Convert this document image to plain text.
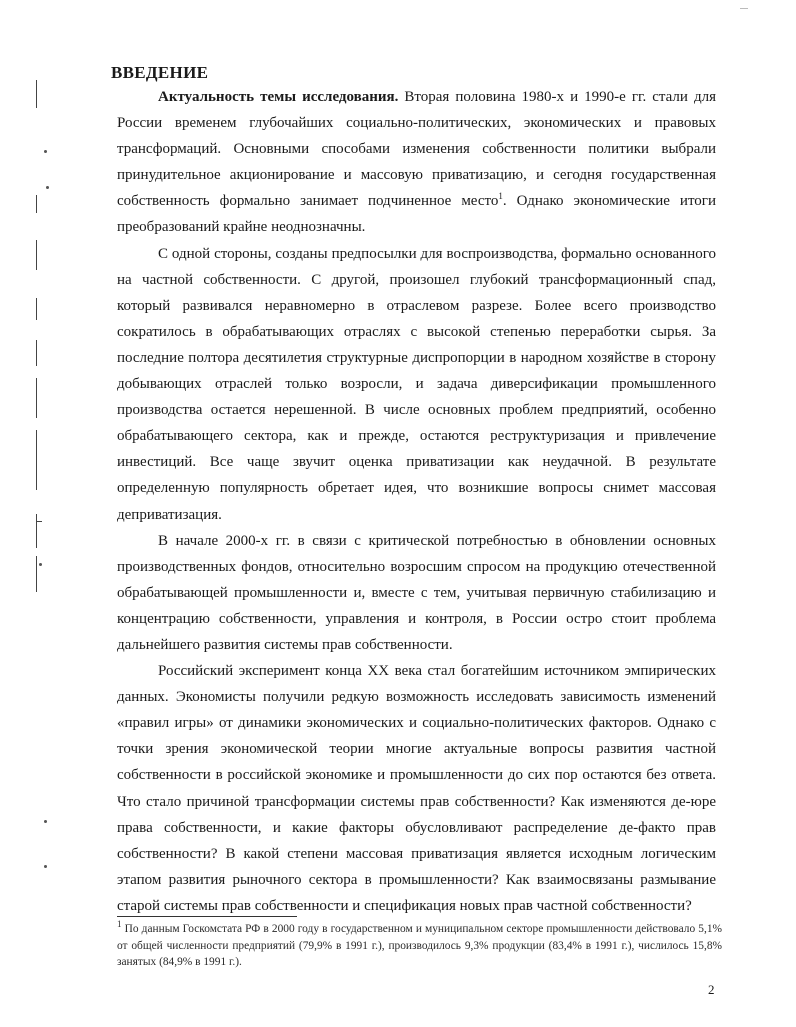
ВВЕДЕНИЕ

Актуальность темы исследования. Вторая половина 1980-х и 1990-е гг. стали для России временем глубочайших социально-политических, экономических и правовых трансформаций. Основными способами изменения собственности политики выбрали принудительное акционирование и массовую приватизацию, и сегодня государственная собственность формально занимает подчиненное место$^1$. Однако экономические итоги преобразований крайне неоднозначны.

С одной стороны, созданы предпосылки для воспроизводства, формально основанного на частной собственности. С другой, произошел глубокий трансформационный спад, который развивался неравномерно в отраслевом разрезе. Более всего производство сократилось в обрабатывающих отраслях с высокой степенью переработки сырья. За последние полтора десятилетия структурные диспропорции в народном хозяйстве в сторону добывающих отраслей только возросли, и задача диверсификации промышленного производства остается нерешенной. В числе основных проблем предприятий, особенно обрабатывающего сектора, как и прежде, остаются реструктуризация и привлечение инвестиций. Все чаще звучит оценка приватизации как неудачной. В результате определенную популярность обретает идея, что возникшие вопросы снимет массовая деприватизация.

В начале 2000-х гг. в связи с критической потребностью в обновлении основных производственных фондов, относительно возросшим спросом на продукцию отечественной обрабатывающей промышленности и, вместе с тем, учитывая первичную стабилизацию и концентрацию собственности, управления и контроля, в России остро стоит проблема дальнейшего развития системы прав собственности.

Российский эксперимент конца XX века стал богатейшим источником эмпирических данных. Экономисты получили редкую возможность исследовать зависимость изменений «правил игры» от динамики экономических и социально-политических факторов. Однако с точки зрения экономической теории многие актуальные вопросы развития частной собственности в российской экономике и промышленности до сих пор остаются без ответа. Что стало причиной трансформации системы прав собственности? Как изменяются де-юре права собственности, и какие факторы обусловливают распределение де-факто прав собственности? В какой степени массовая приватизация является исходным логическим этапом развития рыночного сектора в промышленности? Как взаимосвязаны размывание старой системы прав собственности и спецификация новых прав частной собственности?

$^1$ По данным Госкомстата РФ в 2000 году в государственном и муниципальном секторе промышленности действовало 5,1% от общей численности предприятий (79,9% в 1991 г.), производилось 9,3% продукции (83,4% в 1991 г.), числилось 15,8% занятых (84,9% в 1991 г.).

2
